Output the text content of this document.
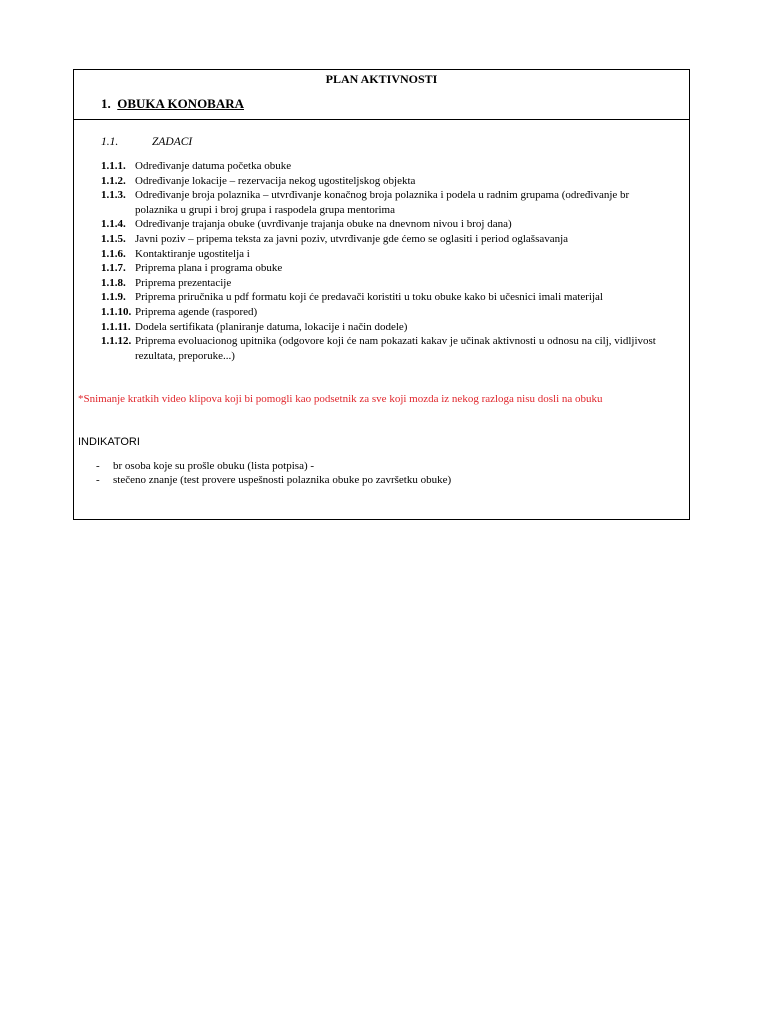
PLAN AKTIVNOSTI
1. OBUKA KONOBARA
1.1.	ZADACI
1.1.1. Određivanje datuma početka obuke
1.1.2. Određivanje lokacije – rezervacija nekog ugostiteljskog objekta
1.1.3. Određivanje broja polaznika – utvrđivanje konačnog broja polaznika i podela u radnim grupama (određivanje br polaznika u grupi i broj grupa i raspodela grupa mentorima
1.1.4. Određivanje trajanja obuke (uvrđivanje trajanja obuke na dnevnom nivou i broj dana)
1.1.5. Javni poziv – pripema teksta za javni poziv, utvrđivanje gde ćemo se oglasiti i period oglašsavanja
1.1.6. Kontaktiranje ugostitelja i
1.1.7. Priprema plana i programa obuke
1.1.8. Priprema prezentacije
1.1.9. Priprema priručnika u pdf formatu koji će predavači koristiti u toku obuke kako bi učesnici imali materijal
1.1.10. Priprema agende (raspored)
1.1.11. Dodela sertifikata (planiranje datuma, lokacije i način dodele)
1.1.12. Pripremа evoluacionog upitnika (odgovore koji će nam pokazati kakav je učinak aktivnosti u odnosu na cilj, vidljivost rezultata, preporuke...)
*Snimanje kratkih video klipova koji bi pomogli kao podsetnik za sve koji mozda iz nekog razloga nisu dosli na obuku
INDIKATORI
-	br osoba koje su prošle obuku (lista potpisa) -
-	stečeno znanje (test provere uspešnosti polaznika obuke po završetku obuke)
